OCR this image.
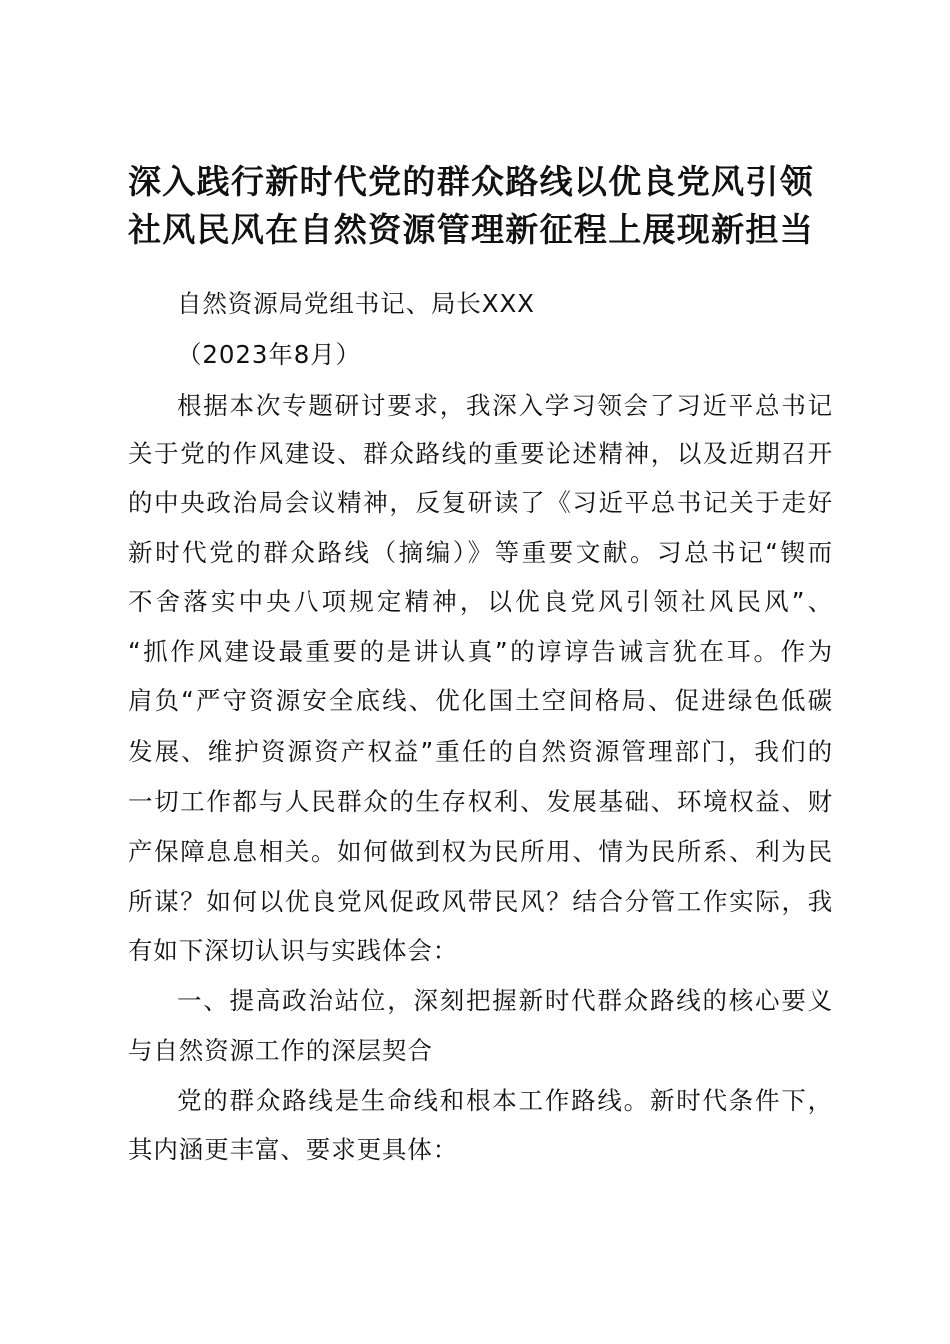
深入践行新时代党的群众路线以优良党风引领
社风民风在自然资源管理新征程上展现新担当
自然资源局党组书记、局长XXX
（2023年8月）
根据本次专题研讨要求，我深入学习领会了习近平总书记
关于党的作风建设、群众路线的重要论述精神，以及近期召开
的中央政治局会议精神，反复研读了《习近平总书记关于走好
新时代党的群众路线（摘编）》等重要文献。习总书记“锲而
不舍落实中央八项规定精神，以优良党风引领社风民风”、
“抓作风建设最重要的是讲认真”的谆谆告诫言犹在耳。作为
肩负“严守资源安全底线、优化国土空间格局、促进绿色低碳
发展、维护资源资产权益”重任的自然资源管理部门，我们的
一切工作都与人民群众的生存权利、发展基础、环境权益、财
产保障息息相关。如何做到权为民所用、情为民所系、利为民
所谋？如何以优良党风促政风带民风？结合分管工作实际，我
有如下深切认识与实践体会：
一、提高政治站位，深刻把握新时代群众路线的核心要义
与自然资源工作的深层契合
党的群众路线是生命线和根本工作路线。新时代条件下，
其内涵更丰富、要求更具体：
